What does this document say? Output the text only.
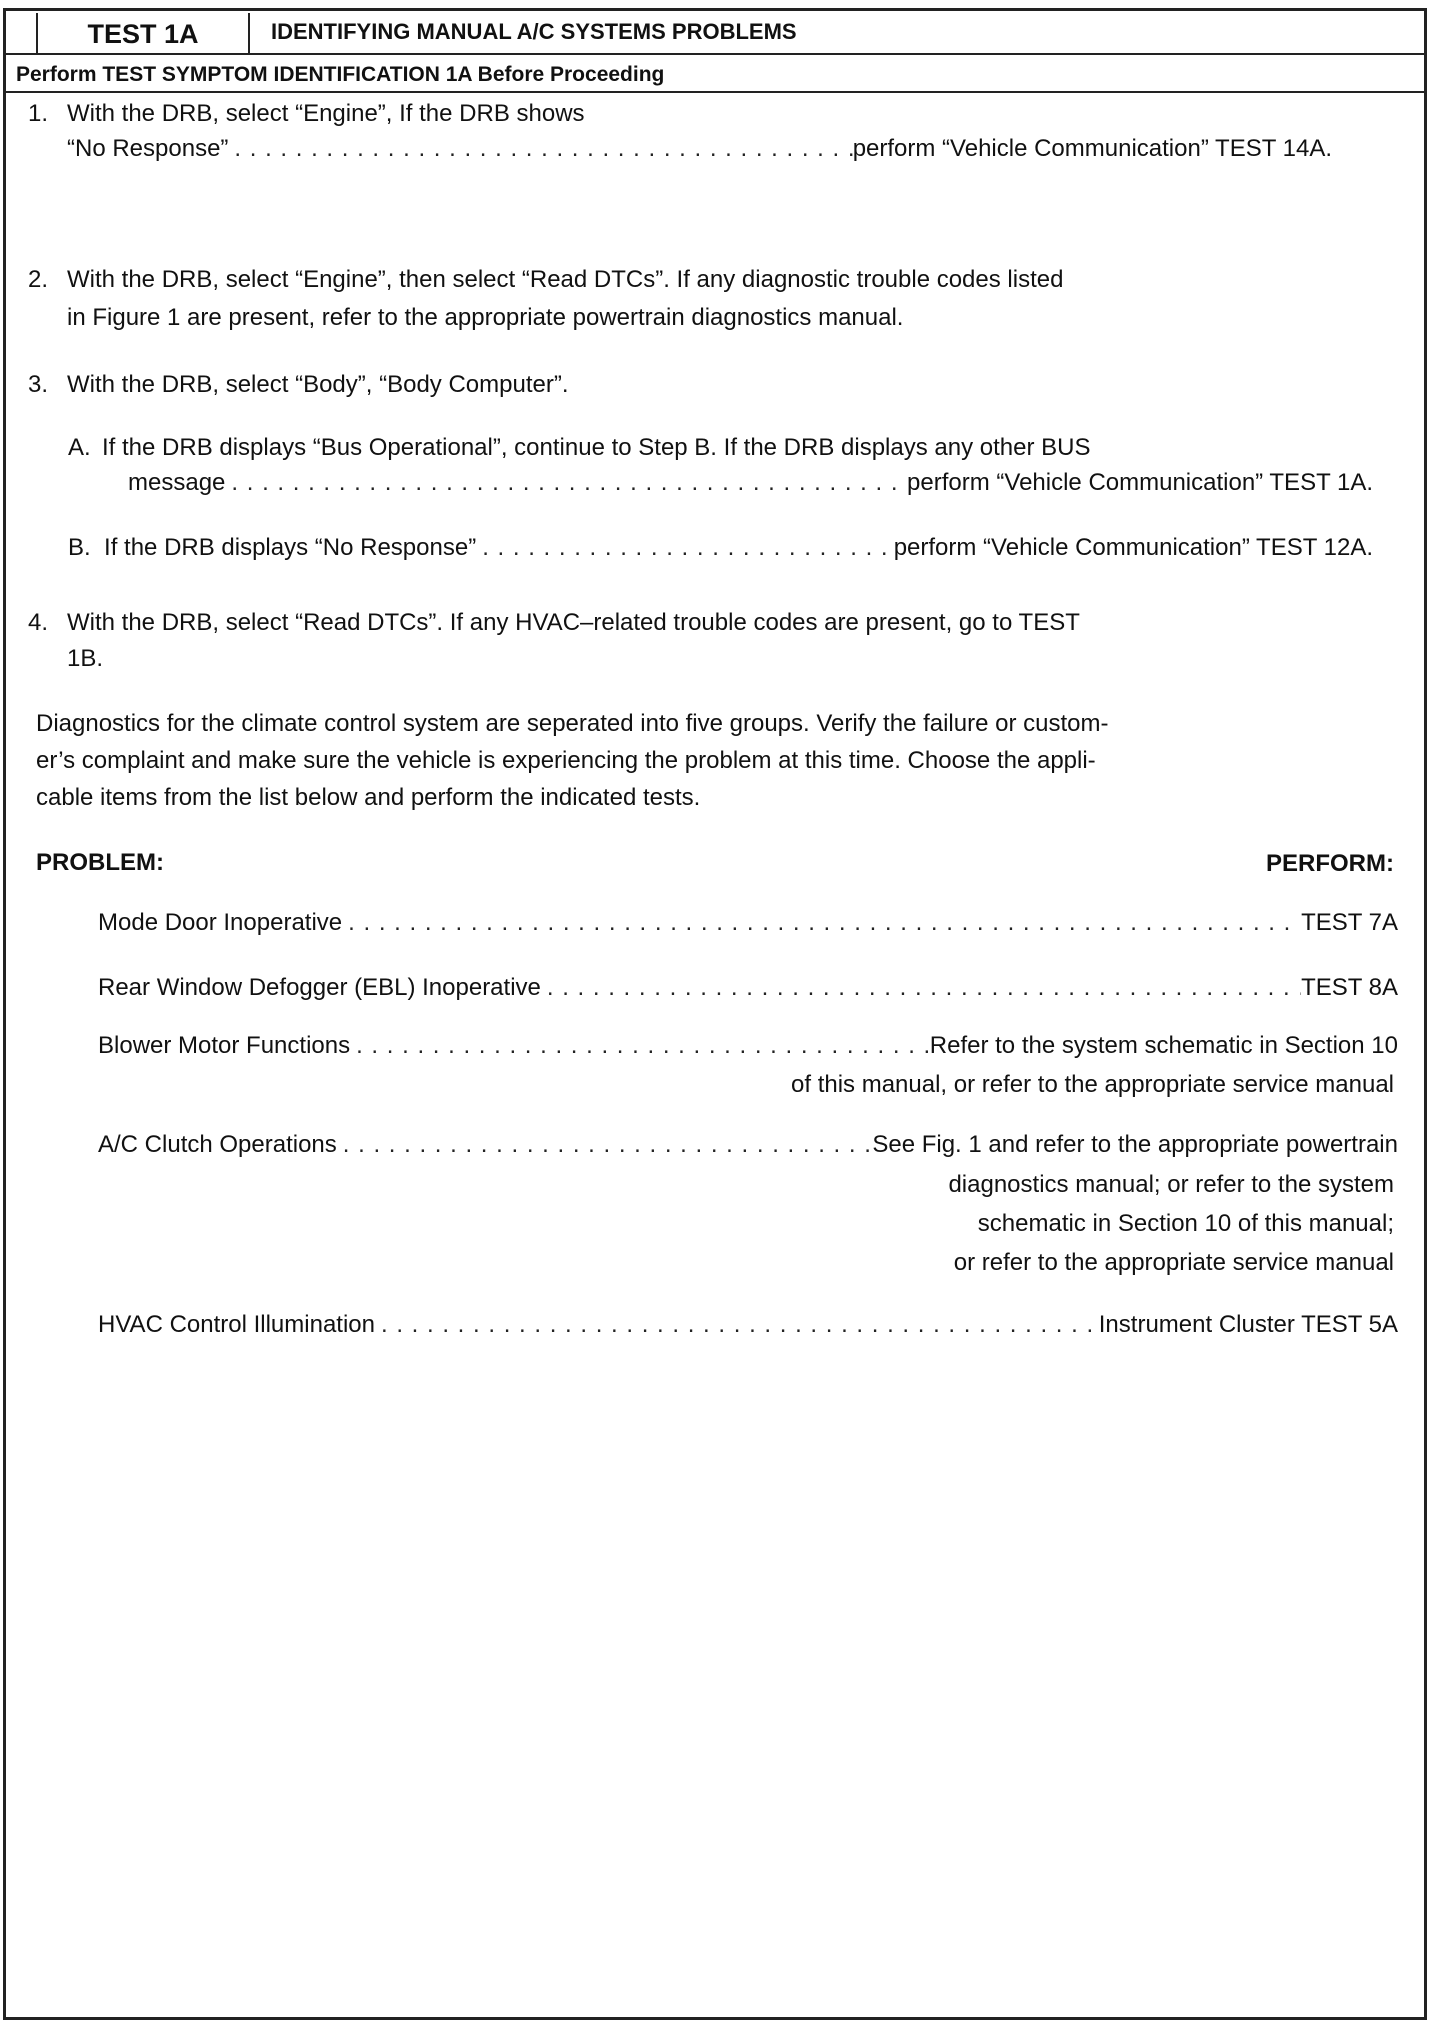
TEST 1A	IDENTIFYING MANUAL A/C SYSTEMS PROBLEMS
Perform TEST SYMPTOM IDENTIFICATION 1A Before Proceeding
1. With the DRB, select “Engine”, If the DRB shows
“No Response” . . .	perform “Vehicle Communication” TEST 14A.
2. With the DRB, select “Engine”, then select “Read DTCs”. If any diagnostic trouble codes listed
in Figure 1 are present, refer to the appropriate powertrain diagnostics manual.
3. With the DRB, select “Body”, “Body Computer”.
A. If the DRB displays “Bus Operational”, continue to Step B. If the DRB displays any other BUS
message . . .	perform “Vehicle Communication” TEST 1A.
B. If the DRB displays “No Response” . . .	perform “Vehicle Communication” TEST 12A.
4. With the DRB, select “Read DTCs”. If any HVAC–related trouble codes are present, go to TEST
1B.
Diagnostics for the climate control system are seperated into five groups. Verify the failure or custom-
er’s complaint and make sure the vehicle is experiencing the problem at this time. Choose the appli-
cable items from the list below and perform the indicated tests.
PROBLEM:	PERFORM:
Mode Door Inoperative . . .	TEST 7A
Rear Window Defogger (EBL) Inoperative . . .	TEST 8A
Blower Motor Functions . . .	Refer to the system schematic in Section 10
of this manual, or refer to the appropriate service manual
A/C Clutch Operations . . .	See Fig. 1 and refer to the appropriate powertrain
diagnostics manual; or refer to the system
schematic in Section 10 of this manual;
or refer to the appropriate service manual
HVAC Control Illumination . . .	Instrument Cluster TEST 5A
